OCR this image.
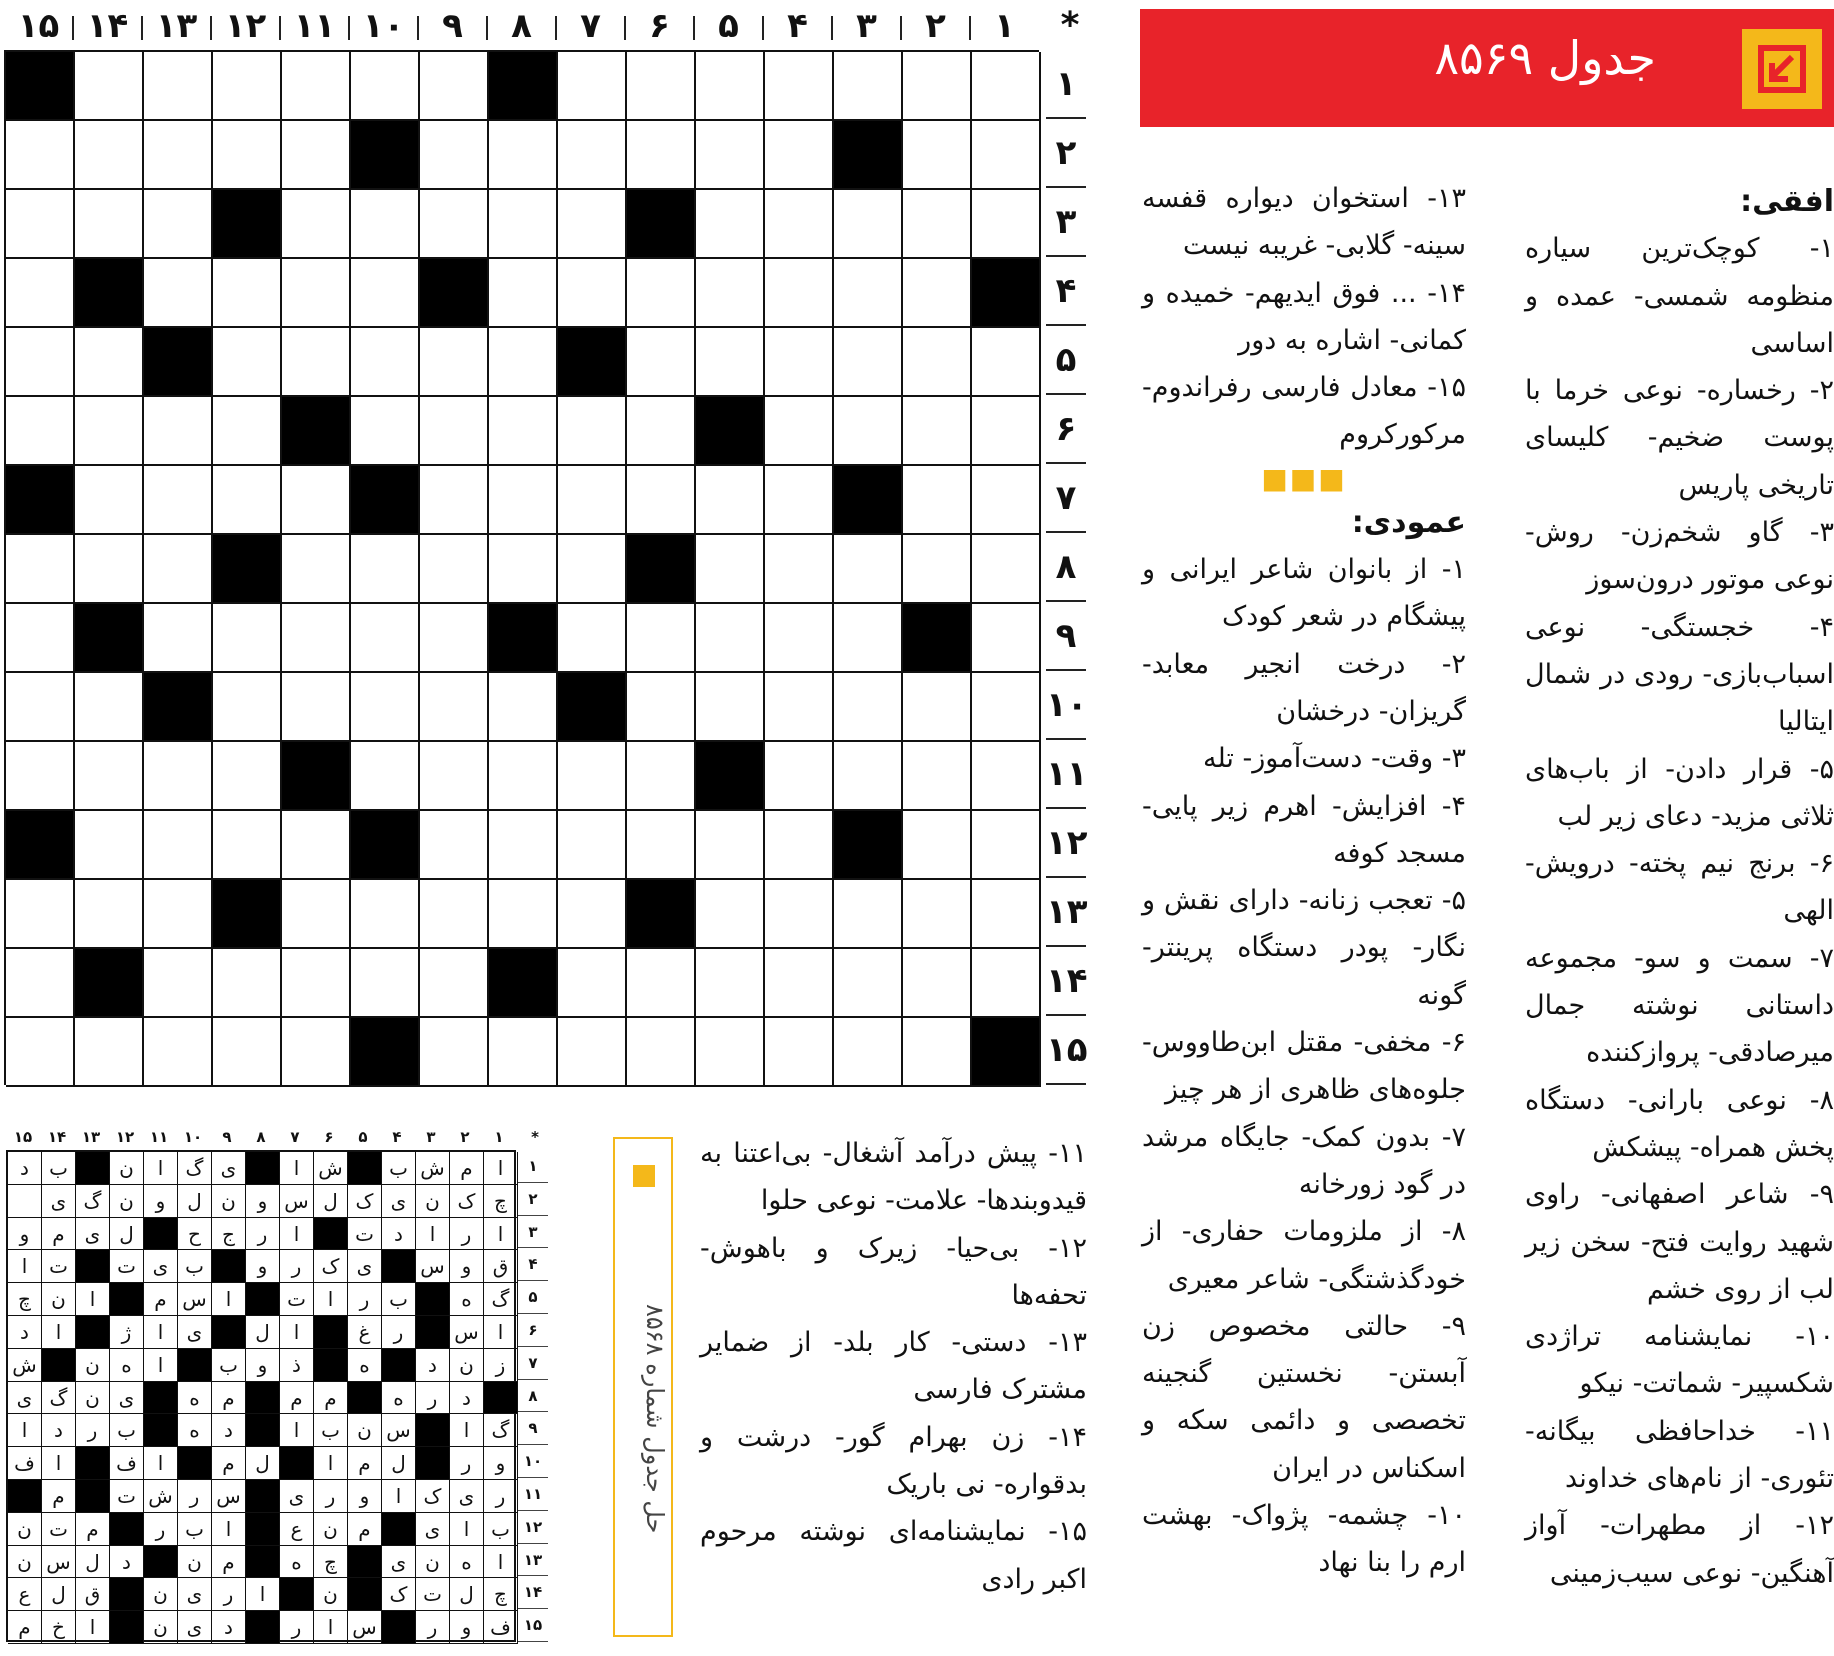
جدول ۸۵۶۹
۱
۲
۳
۴
۵
۶
۷
۸
۹
۱۰
۱۱
۱۲
۱۳
۱۴
۱۵	*
۱
۲
۳
۴
۵
۶
۷
۸
۹
۱۰
۱۱
۱۲
۱۳
۱۴
۱۵
افقی:
۱- کوچک‌ترین سیاره منظومه شمسی- عمده و اساسی
۲- رخساره- نوعی خرما با پوست ضخیم- کلیسای تاریخی پاریس
۳- گاو شخم‌زن- روش- نوعی موتور درون‌سوز
۴- خجستگی- نوعی اسباب‌بازی- رودی در شمال ایتالیا
۵- قرار دادن- از باب‌های ثلاثی مزید- دعای زیر لب
۶- برنج نیم پخته- درویش- الهی
۷- سمت و سو- مجموعه داستانی نوشته جمال میرصادقی- پروازکننده
۸- نوعی بارانی- دستگاه پخش همراه- پیشکش
۹- شاعر اصفهانی- راوی شهید روایت فتح- سخن زیر لب از روی خشم
۱۰- نمایشنامه تراژدی شکسپیر- شماتت- نیکو
۱۱- خداحافظی بیگانه- تئوری- از نام‌های خداوند
۱۲- از مطهرات- آواز آهنگین- نوعی سیب‌زمینی
۱۳- استخوان دیواره قفسه سینه- گلابی- غریبه نیست
۱۴- ... فوق ایدیهم- خمیده و کمانی- اشاره به دور
۱۵- معادل فارسی رفراندوم- مرکورکروم
■■■
عمودی:
۱- از بانوان شاعر ایرانی و پیشگام در شعر کودک
۲- درخت انجیر معابد- گریزان- درخشان
۳- وقت- دست‌آموز- تله
۴- افزایش- اهرم زیر پایی- مسجد کوفه
۵- تعجب زنانه- دارای نقش و نگار- پودر دستگاه پرینتر- گونه
۶- مخفی- مقتل ابن‌طاووس- جلوه‌های ظاهری از هر چیز
۷- بدون کمک- جایگاه مرشد در گود زورخانه
۸- از ملزومات حفاری- از خودگذشتگی- شاعر معیری
۹- حالتی مخصوص زن آبستن- نخستین گنجینه تخصصی و دائمی سکه و اسکناس در ایران
۱۰- چشمه- پژواک- بهشت ارم را بنا نهاد
۱۱- پیش درآمد آشغال- بی‌اعتنا به قیدوبندها- علامت- نوعی حلوا
۱۲- بی‌حیا- زیرک و باهوش- تحفه‌ها
۱۳- دستی- کار بلد- از ضمایر مشترک فارسی
۱۴- زن بهرام گور- درشت و بدقواره- نی باریک
۱۵- نمایشنامه‌ای نوشته مرحوم اکبر رادی
حل جدول شماره ۸۵۶۸
۱
۲
۳
۴
۵
۶
۷
۸
۹
۱۰
۱۱
۱۲
۱۳
۱۴
۱۵	*
ا
م
ش
ب
ش
ا
ی
گ
ا
ن
ب
د
چ
ک
ن
ی
ک
ل
س
و
ن
ل
و
ن
گ
ی
ا
ر
ا
د
ت
ا
ر
ج
ح
ل
ی
م
و
ق
و
س
ی
ک
ر
و
ب
ی
ت
ت
ا
گ
ه
ب
ر
ا
ت
ا
س
م
ا
ن
چ
ا
س
ر
غ
ا
ل
ی
ا
ژ
ا
د
ز
ن
د
ه
ذ
و
ب
ا
ه
ن
ش
د
ر
ه
م
م
م
ه
ی
ن
گ
ی
گ
ا
س
ن
ب
ا
د
ه
ب
ر
د
ا
و
ر
ل
م
ا
ل
م
ا
ف
ا
ف
ر
ی
ک
ا
و
ر
ی
س
ر
ش
ت
م
ب
ا
ی
م
ن
ع
ا
ب
ر
م
ت
ن
ا
ه
ن
ی
چ
ه
م
ن
د
ل
س
ن
چ
ل
ت
ک
ن
ا
ر
ی
ن
ق
ل
ع
ف
و
ر
س
ا
ر
د
ی
ن
ا
خ
م
۱
۲
۳
۴
۵
۶
۷
۸
۹
۱۰
۱۱
۱۲
۱۳
۱۴
۱۵
